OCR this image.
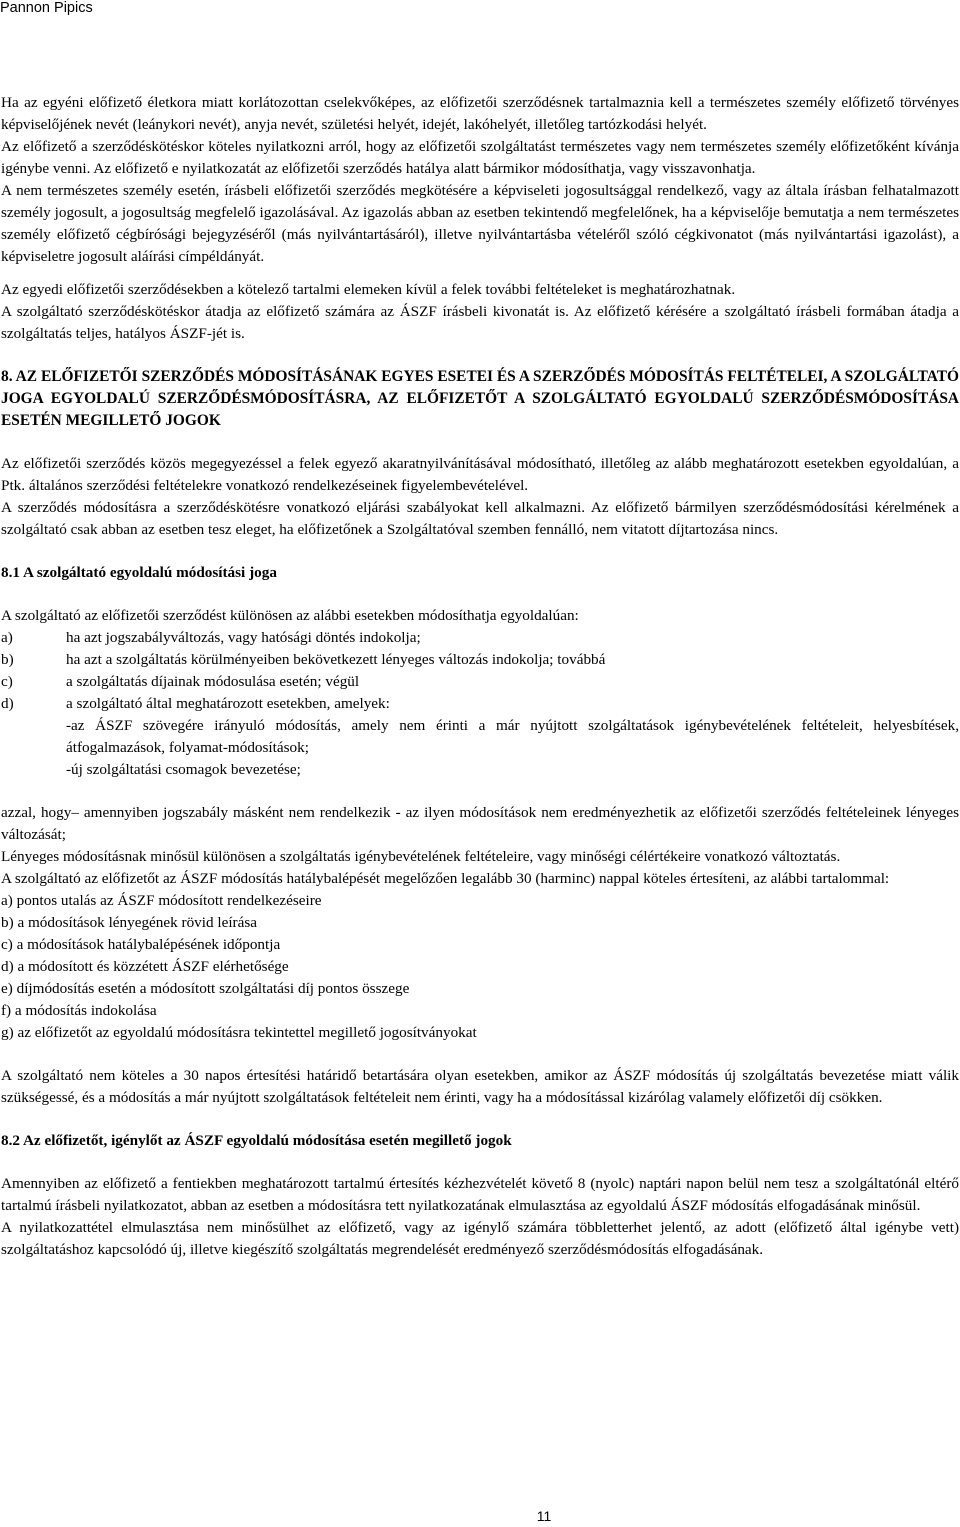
Pannon Pipics

Ha az egyéni előfizető életkora miatt korlátozottan cselekvőképes, az előfizetői szerződésnek tartalmaznia kell a természetes személy előfizető törvényes képviselőjének nevét (leánykori nevét), anyja nevét, születési helyét, idejét, lakóhelyét, illetőleg tartózkodási helyét.

Az előfizető a szerződéskötéskor köteles nyilatkozni arról, hogy az előfizetői szolgáltatást természetes vagy nem természetes személy előfizetőként kívánja igénybe venni. Az előfizető e nyilatkozatát az előfizetői szerződés hatálya alatt bármikor módosíthatja, vagy visszavonhatja.

A nem természetes személy esetén, írásbeli előfizetői szerződés megkötésére a képviseleti jogosultsággal rendelkező, vagy az általa írásban felhatalmazott személy jogosult, a jogosultság megfelelő igazolásával. Az igazolás abban az esetben tekintendő megfelelőnek, ha a képviselője bemutatja a nem természetes személy előfizető cégbírósági bejegyzéséről (más nyilvántartásáról), illetve nyilvántartásba vételéről szóló cégkivonatot (más nyilvántartási igazolást), a képviseletre jogosult aláírási címpéldányát.

Az egyedi előfizetői szerződésekben a kötelező tartalmi elemeken kívül a felek további feltételeket is meghatározhatnak.

A szolgáltató szerződéskötéskor átadja az előfizető számára az ÁSZF írásbeli kivonatát is. Az előfizető kérésére a szolgáltató írásbeli formában átadja a szolgáltatás teljes, hatályos ÁSZF-jét is.

8. AZ ELŐFIZETŐI SZERZŐDÉS MÓDOSÍTÁSÁNAK EGYES ESETEI ÉS A SZERZŐDÉS MÓDOSÍTÁS FELTÉTELEI, A SZOLGÁLTATÓ JOGA EGYOLDALÚ SZERZŐDÉSMÓDOSÍTÁSRA, AZ ELŐFIZETŐT A SZOLGÁLTATÓ EGYOLDALÚ SZERZŐDÉSMÓDOSÍTÁSA ESETÉN MEGILLETŐ JOGOK

Az előfizetői szerződés közös megegyezéssel a felek egyező akaratnyilvánításával módosítható, illetőleg az alább meghatározott esetekben egyoldalúan, a Ptk. általános szerződési feltételekre vonatkozó rendelkezéseinek figyelembevételével.

A szerződés módosításra a szerződéskötésre vonatkozó eljárási szabályokat kell alkalmazni. Az előfizető bármilyen szerződésmódosítási kérelmének a szolgáltató csak abban az esetben tesz eleget, ha előfizetőnek a Szolgáltatóval szemben fennálló, nem vitatott díjtartozása nincs.

8.1 A szolgáltató egyoldalú módosítási joga

A szolgáltató az előfizetői szerződést különösen az alábbi esetekben módosíthatja egyoldalúan:

a)	ha azt jogszabályváltozás, vagy hatósági döntés indokolja;
b)	ha azt a szolgáltatás körülményeiben bekövetkezett lényeges változás indokolja; továbbá
c)	a szolgáltatás díjainak módosulása esetén; végül
d)	a szolgáltató által meghatározott esetekben, amelyek:

-az ÁSZF szövegére irányuló módosítás, amely nem érinti a már nyújtott szolgáltatások igénybevételének feltételeit, helyesbítések, átfogalmazások, folyamat-módosítások;

-új szolgáltatási csomagok bevezetése;

azzal, hogy– amennyiben jogszabály másként nem rendelkezik - az ilyen módosítások nem eredményezhetik az előfizetői szerződés feltételeinek lényeges változását;

Lényeges módosításnak minősül különösen a szolgáltatás igénybevételének feltételeire, vagy minőségi célértékeire vonatkozó változtatás.

A szolgáltató az előfizetőt az ÁSZF módosítás hatálybalépését megelőzően legalább 30 (harminc) nappal köteles értesíteni, az alábbi tartalommal:

a) pontos utalás az ÁSZF módosított rendelkezéseire

b) a módosítások lényegének rövid leírása

c) a módosítások hatálybalépésének időpontja

d) a módosított és közzétett ÁSZF elérhetősége

e) díjmódosítás esetén a módosított szolgáltatási díj pontos összege

f) a módosítás indokolása

g) az előfizetőt az egyoldalú módosításra tekintettel megillető jogosítványokat

A szolgáltató nem köteles a 30 napos értesítési határidő betartására olyan esetekben, amikor az ÁSZF módosítás új szolgáltatás bevezetése miatt válik szükségessé, és a módosítás a már nyújtott szolgáltatások feltételeit nem érinti, vagy ha a módosítással kizárólag valamely előfizetői díj csökken.

8.2 Az előfizetőt, igénylőt az ÁSZF egyoldalú módosítása esetén megillető jogok

Amennyiben az előfizető a fentiekben meghatározott tartalmú értesítés kézhezvételét követő 8 (nyolc) naptári napon belül nem tesz a szolgáltatónál eltérő tartalmú írásbeli nyilatkozatot, abban az esetben a módosításra tett nyilatkozatának elmulasztása az egyoldalú ÁSZF módosítás elfogadásának minősül.

A nyilatkozattétel elmulasztása nem minősülhet az előfizető, vagy az igénylő számára többletterhet jelentő, az adott (előfizető által igénybe vett) szolgáltatáshoz kapcsolódó új, illetve kiegészítő szolgáltatás megrendelését eredményező szerződésmódosítás elfogadásának.

11
